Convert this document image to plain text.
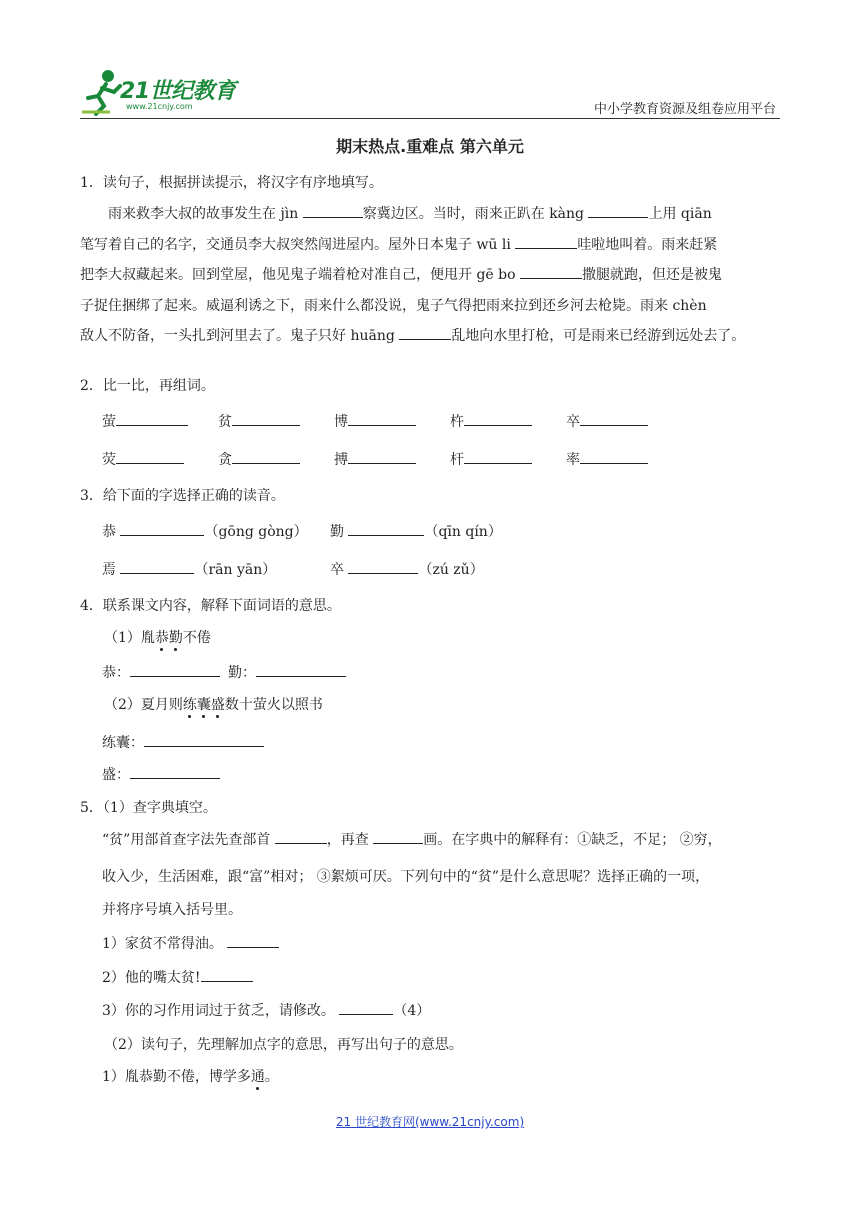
21世纪教育
www.21cnjy.com	中小学教育资源及组卷应用平台
期末热点.重难点 第六单元
1．读句子，根据拼读提示，将汉字有序地填写。
雨来救李大叔的故事发生在 jìn	察冀边区。当时，雨来正趴在 kàng	上用 qiān
笔写着自己的名字，交通员李大叔突然闯进屋内。屋外日本鬼子 wū li	哇啦地叫着。雨来赶紧
把李大叔藏起来。回到堂屋，他见鬼子端着枪对准自己，便甩开 gē bo	撒腿就跑，但还是被鬼
子捉住捆绑了起来。威逼利诱之下，雨来什么都没说，鬼子气得把雨来拉到还乡河去枪毙。雨来 chèn
敌人不防备，一头扎到河里去了。鬼子只好 huāng	乱地向水里打枪，可是雨来已经游到远处去了。
2．比一比，再组词。
萤	贫	博	杵	卒
荧	贪	搏	杆	率
3．给下面的字选择正确的读音。
恭	（gōng gòng） 勤	（qīn qín）
焉	（rān yān）	卒	（zú zǔ）
4．联系课文内容，解释下面词语的意思。
（1）胤恭勤不倦
恭：	勤：
（2）夏月则练囊盛数十萤火以照书
练囊：
盛：
5．（1）查字典填空。
“贫”用部首查字法先查部首	，再查	画。在字典中的解释有：①缺乏，不足； ②穷，
收入少，生活困难，跟“富”相对； ③絮烦可厌。下列句中的“贫”是什么意思呢？选择正确的一项，
并将序号填入括号里。
1）家贫不常得油。
2）他的嘴太贫!
3）你的习作用词过于贫乏，请修改。	（4）
（2）读句子，先理解加点字的意思，再写出句子的意思。
1）胤恭勤不倦，博学多通。
21 世纪教育网(www.21cnjy.com)
